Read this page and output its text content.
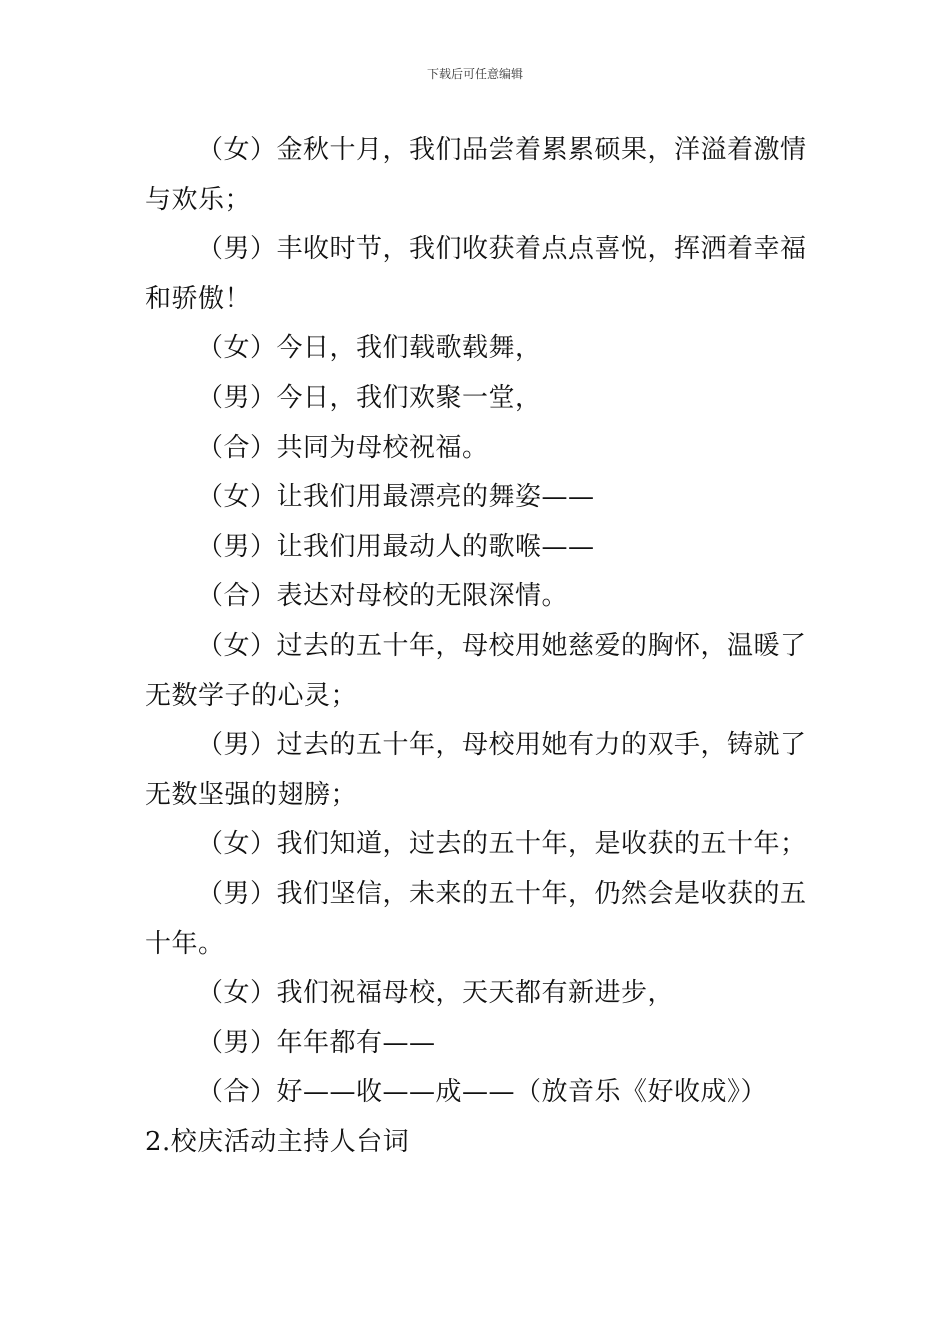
下载后可任意编辑

（女）金秋十月，我们品尝着累累硕果，洋溢着激情与欢乐；

（男）丰收时节，我们收获着点点喜悦，挥洒着幸福和骄傲！

（女）今日，我们载歌载舞，

（男）今日，我们欢聚一堂，

（合）共同为母校祝福。

（女）让我们用最漂亮的舞姿——

（男）让我们用最动人的歌喉——

（合）表达对母校的无限深情。

（女）过去的五十年，母校用她慈爱的胸怀，温暖了无数学子的心灵；

（男）过去的五十年，母校用她有力的双手，铸就了无数坚强的翅膀；

（女）我们知道，过去的五十年，是收获的五十年；

（男）我们坚信，未来的五十年，仍然会是收获的五十年。

（女）我们祝福母校，天天都有新进步，

（男）年年都有——

（合）好——收——成——（放音乐《好收成》）

2.校庆活动主持人台词
